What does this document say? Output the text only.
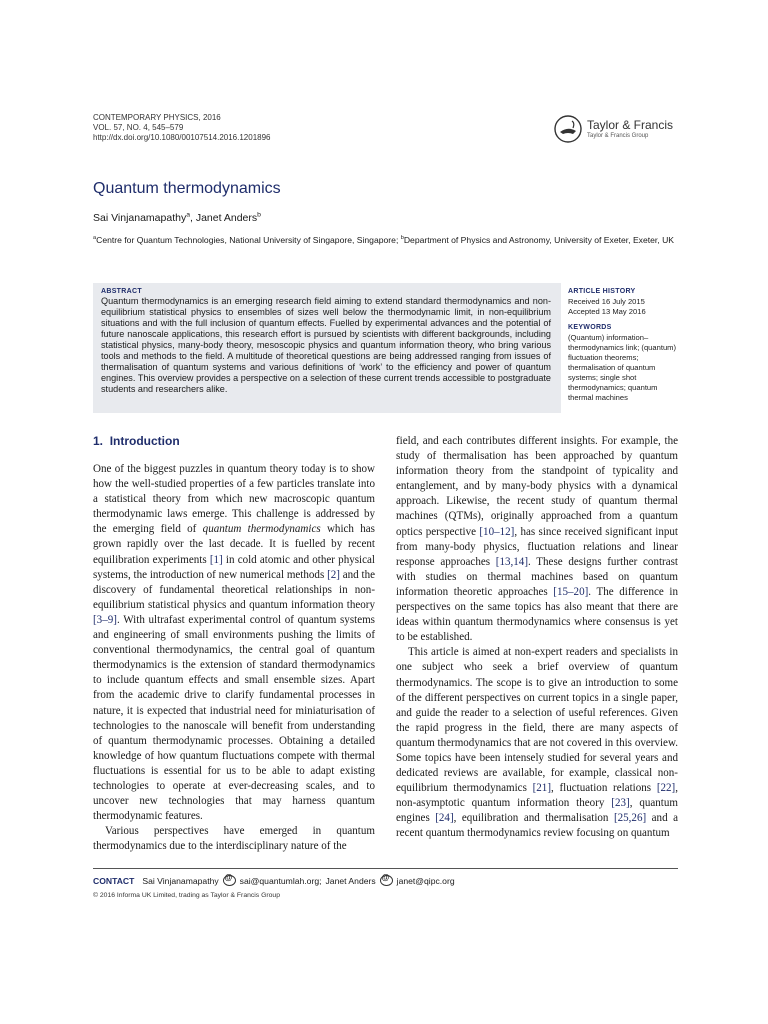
CONTEMPORARY PHYSICS, 2016
VOL. 57, NO. 4, 545–579
http://dx.doi.org/10.1080/00107514.2016.1201896
Taylor & Francis
Taylor & Francis Group
Quantum thermodynamics
Sai Vinjanamapathy$^a$, Janet Anders$^b$
$^a$Centre for Quantum Technologies, National University of Singapore, Singapore; $^b$Department of Physics and Astronomy, University of Exeter, Exeter, UK
ABSTRACT
Quantum thermodynamics is an emerging research field aiming to extend standard thermodynamics and non-equilibrium statistical physics to ensembles of sizes well below the thermodynamic limit, in non-equilibrium situations and with the full inclusion of quantum effects. Fuelled by experimental advances and the potential of future nanoscale applications, this research effort is pursued by scientists with different backgrounds, including statistical physics, many-body theory, mesoscopic physics and quantum information theory, who bring various tools and methods to the field. A multitude of theoretical questions are being addressed ranging from issues of thermalisation of quantum systems and various definitions of ‘work’ to the efficiency and power of quantum engines. This overview provides a perspective on a selection of these current trends accessible to postgraduate students and researchers alike.
ARTICLE HISTORY
Received 16 July 2015
Accepted 13 May 2016
KEYWORDS
(Quantum) information–thermodynamics link; (quantum) fluctuation theorems; thermalisation of quantum systems; single shot thermodynamics; quantum thermal machines
1. Introduction

One of the biggest puzzles in quantum theory today is to show how the well-studied properties of a few particles translate into a statistical theory from which new macroscopic quantum thermodynamic laws emerge. This challenge is addressed by the emerging field of quantum thermodynamics which has grown rapidly over the last decade. It is fuelled by recent equilibration experiments [1] in cold atomic and other physical systems, the introduction of new numerical methods [2] and the discovery of fundamental theoretical relationships in non-equilibrium statistical physics and quantum information theory [3–9]. With ultrafast experimental control of quantum systems and engineering of small environments pushing the limits of conventional thermodynamics, the central goal of quantum thermodynamics is the extension of standard thermodynamics to include quantum effects and small ensemble sizes. Apart from the academic drive to clarify fundamental processes in nature, it is expected that industrial need for miniaturisation of technologies to the nanoscale will benefit from understanding of quantum thermodynamic processes. Obtaining a detailed knowledge of how quantum fluctuations compete with thermal fluctuations is essential for us to be able to adapt existing technologies to operate at ever-decreasing scales, and to uncover new technologies that may harness quantum thermodynamic features.

Various perspectives have emerged in quantum thermodynamics due to the interdisciplinary nature of the

field, and each contributes different insights. For example, the study of thermalisation has been approached by quantum information theory from the standpoint of typicality and entanglement, and by many-body physics with a dynamical approach. Likewise, the recent study of quantum thermal machines (QTMs), originally approached from a quantum optics perspective [10–12], has since received significant input from many-body physics, fluctuation relations and linear response approaches [13,14]. These designs further contrast with studies on thermal machines based on quantum information theoretic approaches [15–20]. The difference in perspectives on the same topics has also meant that there are ideas within quantum thermodynamics where consensus is yet to be established.

This article is aimed at non-expert readers and specialists in one subject who seek a brief overview of quantum thermodynamics. The scope is to give an introduction to some of the different perspectives on current topics in a single paper, and guide the reader to a selection of useful references. Given the rapid progress in the field, there are many aspects of quantum thermodynamics that are not covered in this overview. Some topics have been intensely studied for several years and dedicated reviews are available, for example, classical non-equilibrium thermodynamics [21], fluctuation relations [22], non-asymptotic quantum information theory [23], quantum engines [24], equilibration and thermalisation [25,26] and a recent quantum thermodynamics review focusing on quantum

CONTACT Sai Vinjanamapathy @ sai@quantumlah.org; Janet Anders @ janet@qipc.org
© 2016 Informa UK Limited, trading as Taylor & Francis Group
